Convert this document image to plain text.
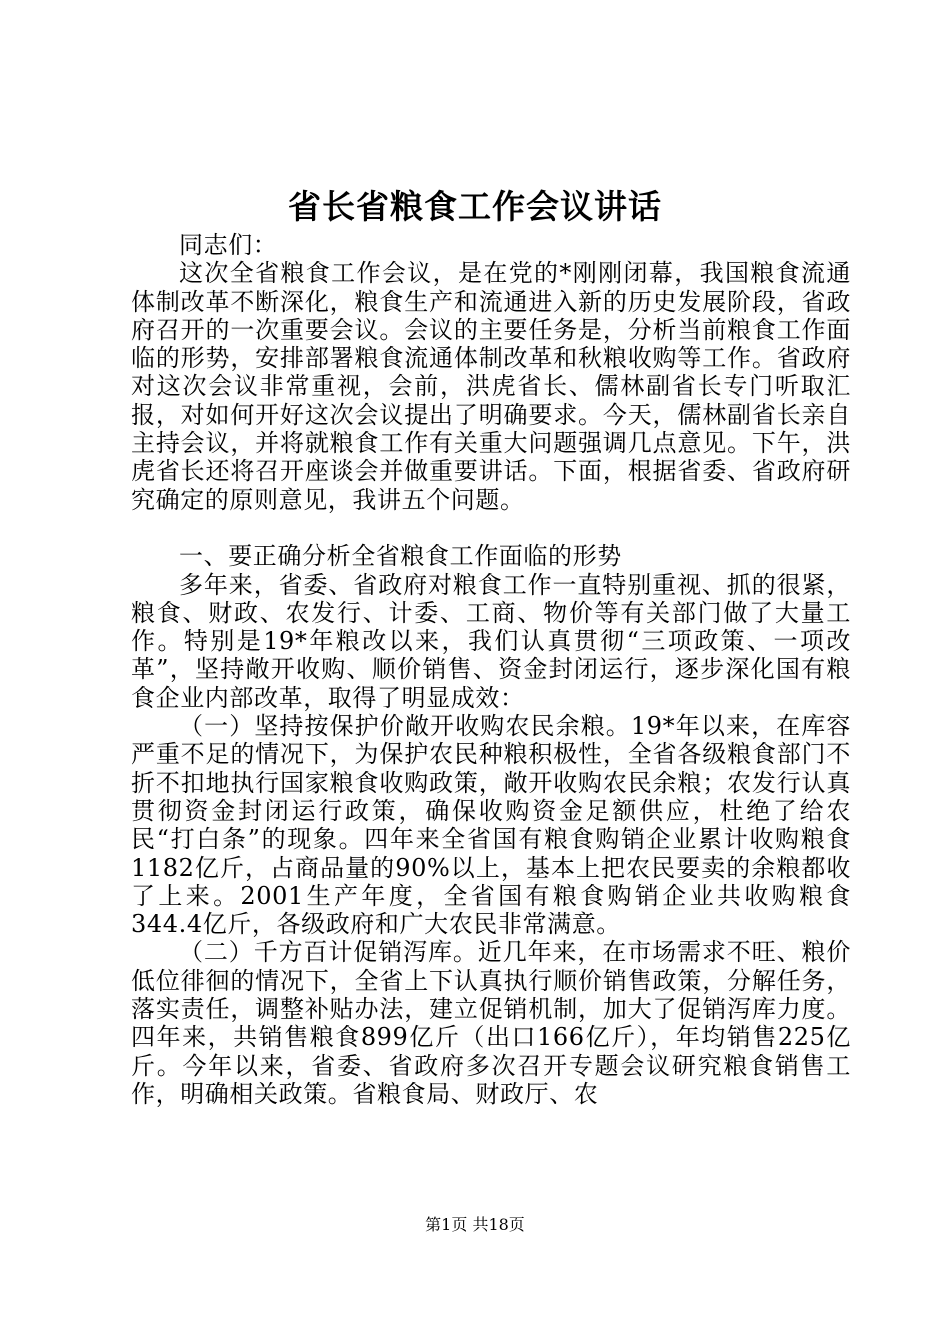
省长省粮食工作会议讲话

同志们：

这次全省粮食工作会议，是在党的*刚刚闭幕，我国粮食流通体制改革不断深化，粮食生产和流通进入新的历史发展阶段，省政府召开的一次重要会议。会议的主要任务是，分析当前粮食工作面临的形势，安排部署粮食流通体制改革和秋粮收购等工作。省政府对这次会议非常重视，会前，洪虎省长、儒林副省长专门听取汇报，对如何开好这次会议提出了明确要求。今天，儒林副省长亲自主持会议，并将就粮食工作有关重大问题强调几点意见。下午，洪虎省长还将召开座谈会并做重要讲话。下面，根据省委、省政府研究确定的原则意见，我讲五个问题。

一、要正确分析全省粮食工作面临的形势

多年来，省委、省政府对粮食工作一直特别重视、抓的很紧，粮食、财政、农发行、计委、工商、物价等有关部门做了大量工作。特别是19*年粮改以来，我们认真贯彻“三项政策、一项改革”，坚持敞开收购、顺价销售、资金封闭运行，逐步深化国有粮食企业内部改革，取得了明显成效：

（一）坚持按保护价敞开收购农民余粮。19*年以来，在库容严重不足的情况下，为保护农民种粮积极性，全省各级粮食部门不折不扣地执行国家粮食收购政策，敞开收购农民余粮；农发行认真贯彻资金封闭运行政策，确保收购资金足额供应，杜绝了给农民“打白条”的现象。四年来全省国有粮食购销企业累计收购粮食1182亿斤，占商品量的90%以上，基本上把农民要卖的余粮都收了上来。2001生产年度，全省国有粮食购销企业共收购粮食344.4亿斤，各级政府和广大农民非常满意。

（二）千方百计促销泻库。近几年来，在市场需求不旺、粮价低位徘徊的情况下，全省上下认真执行顺价销售政策，分解任务，落实责任，调整补贴办法，建立促销机制，加大了促销泻库力度。四年来，共销售粮食899亿斤（出口166亿斤），年均销售225亿斤。今年以来，省委、省政府多次召开专题会议研究粮食销售工作，明确相关政策。省粮食局、财政厅、农

第1页 共18页
